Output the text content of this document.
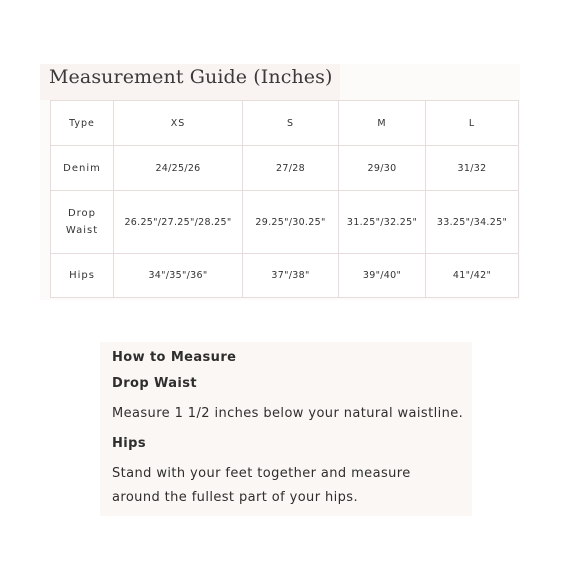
Measurement Guide (Inches)
Type	XS	S	M	L
Denim	24/25/26	27/28	29/30	31/32
Drop
Waist	26.25"/27.25"/28.25"	29.25"/30.25"	31.25"/32.25"	33.25"/34.25"
Hips	34"/35"/36"	37"/38"	39"/40"	41"/42"
How to Measure
Drop Waist
Measure 1 1/2 inches below your natural waistline.
Hips
Stand with your feet together and measure
around the fullest part of your hips.
